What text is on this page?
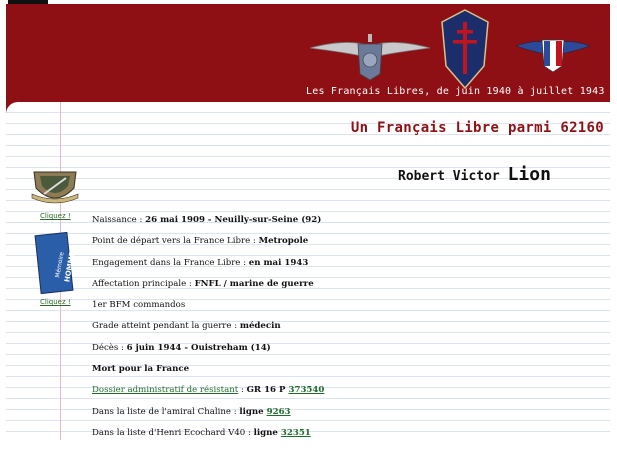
Les Français Libres, de juin 1940 à juillet 1943
Un Français Libre parmi 62160
Robert Victor Lion
Cliquez !
Mémoire
HOMMES
Cliquez !
Naissance : 26 mai 1909 - Neuilly-sur-Seine (92)
Point de départ vers la France Libre : Metropole
Engagement dans la France Libre : en mai 1943
Affectation principale : FNFL / marine de guerre
1er BFM commandos
Grade atteint pendant la guerre : médecin
Décès : 6 juin 1944 - Ouistreham (14)
Mort pour la France
Dossier administratif de résistant : GR 16 P 373540
Dans la liste de l'amiral Chaline : ligne 9263
Dans la liste d'Henri Ecochard V40 : ligne 32351
